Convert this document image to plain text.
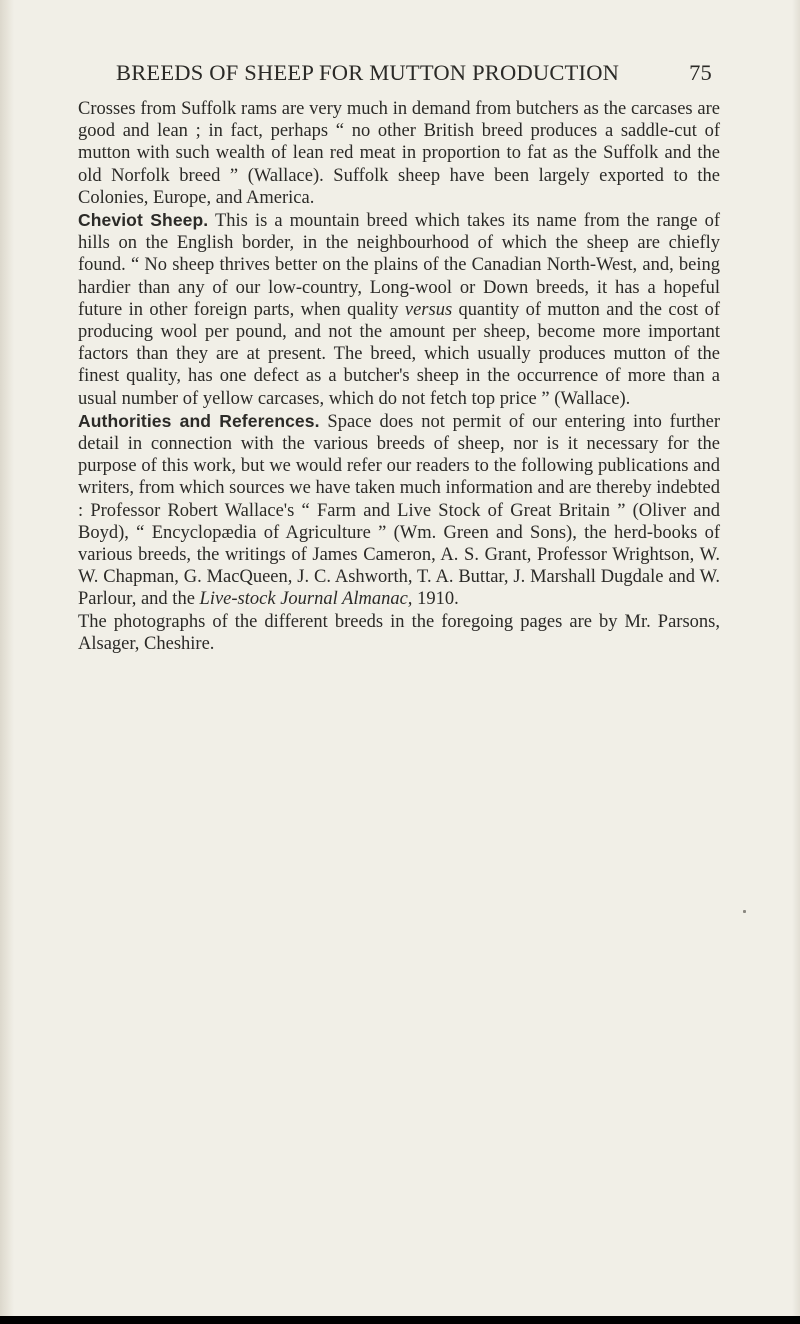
BREEDS OF SHEEP FOR MUTTON PRODUCTION	75

Crosses from Suffolk rams are very much in demand from butchers as the carcases are good and lean ; in fact, perhaps “ no other British breed produces a saddle-cut of mutton with such wealth of lean red meat in proportion to fat as the Suffolk and the old Norfolk breed ” (Wallace). Suffolk sheep have been largely exported to the Colonies, Europe, and America.

Cheviot Sheep. This is a mountain breed which takes its name from the range of hills on the English border, in the neighbourhood of which the sheep are chiefly found. “ No sheep thrives better on the plains of the Canadian North-West, and, being hardier than any of our low-country, Long-wool or Down breeds, it has a hopeful future in other foreign parts, when quality versus quantity of mutton and the cost of producing wool per pound, and not the amount per sheep, become more important factors than they are at present. The breed, which usually produces mutton of the finest quality, has one defect as a butcher's sheep in the occurrence of more than a usual number of yellow carcases, which do not fetch top price ” (Wallace).

Authorities and References. Space does not permit of our entering into further detail in connection with the various breeds of sheep, nor is it necessary for the purpose of this work, but we would refer our readers to the following publications and writers, from which sources we have taken much information and are thereby indebted : Professor Robert Wallace's “ Farm and Live Stock of Great Britain ” (Oliver and Boyd), “ Encyclopædia of Agriculture ” (Wm. Green and Sons), the herd-books of various breeds, the writings of James Cameron, A. S. Grant, Professor Wrightson, W. W. Chapman, G. MacQueen, J. C. Ashworth, T. A. Buttar, J. Marshall Dugdale and W. Parlour, and the Live-stock Journal Almanac, 1910.

The photographs of the different breeds in the foregoing pages are by Mr. Parsons, Alsager, Cheshire.
